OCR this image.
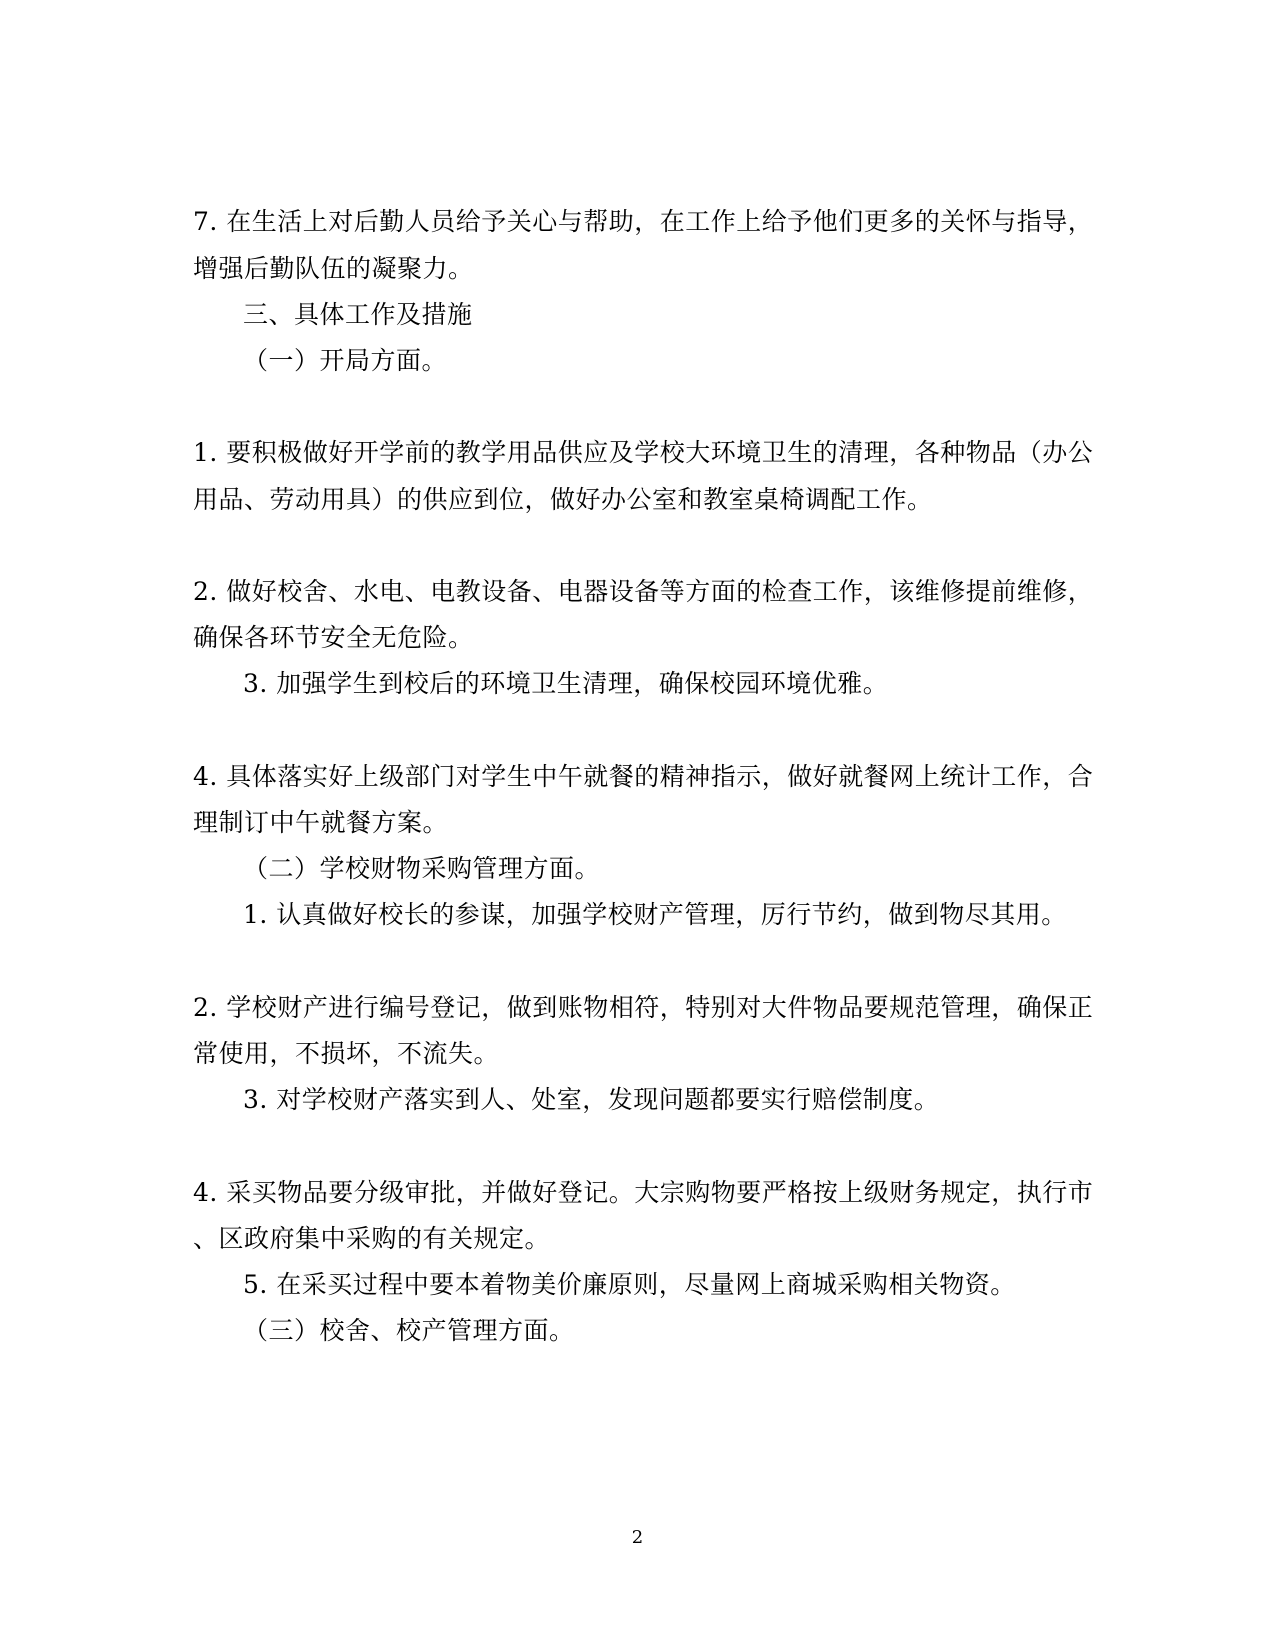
7. 在生活上对后勤人员给予关心与帮助，在工作上给予他们更多的关怀与指导，
增强后勤队伍的凝聚力。
三、具体工作及措施
（一）开局方面。
1. 要积极做好开学前的教学用品供应及学校大环境卫生的清理，各种物品（办公
用品、劳动用具）的供应到位，做好办公室和教室桌椅调配工作。
2. 做好校舍、水电、电教设备、电器设备等方面的检查工作，该维修提前维修，
确保各环节安全无危险。
3. 加强学生到校后的环境卫生清理，确保校园环境优雅。
4. 具体落实好上级部门对学生中午就餐的精神指示，做好就餐网上统计工作，合
理制订中午就餐方案。
（二）学校财物采购管理方面。
1. 认真做好校长的参谋，加强学校财产管理，厉行节约，做到物尽其用。
2. 学校财产进行编号登记，做到账物相符，特别对大件物品要规范管理，确保正
常使用，不损坏，不流失。
3. 对学校财产落实到人、处室，发现问题都要实行赔偿制度。
4. 采买物品要分级审批，并做好登记。大宗购物要严格按上级财务规定，执行市
、区政府集中采购的有关规定。
5. 在采买过程中要本着物美价廉原则，尽量网上商城采购相关物资。
（三）校舍、校产管理方面。
2
